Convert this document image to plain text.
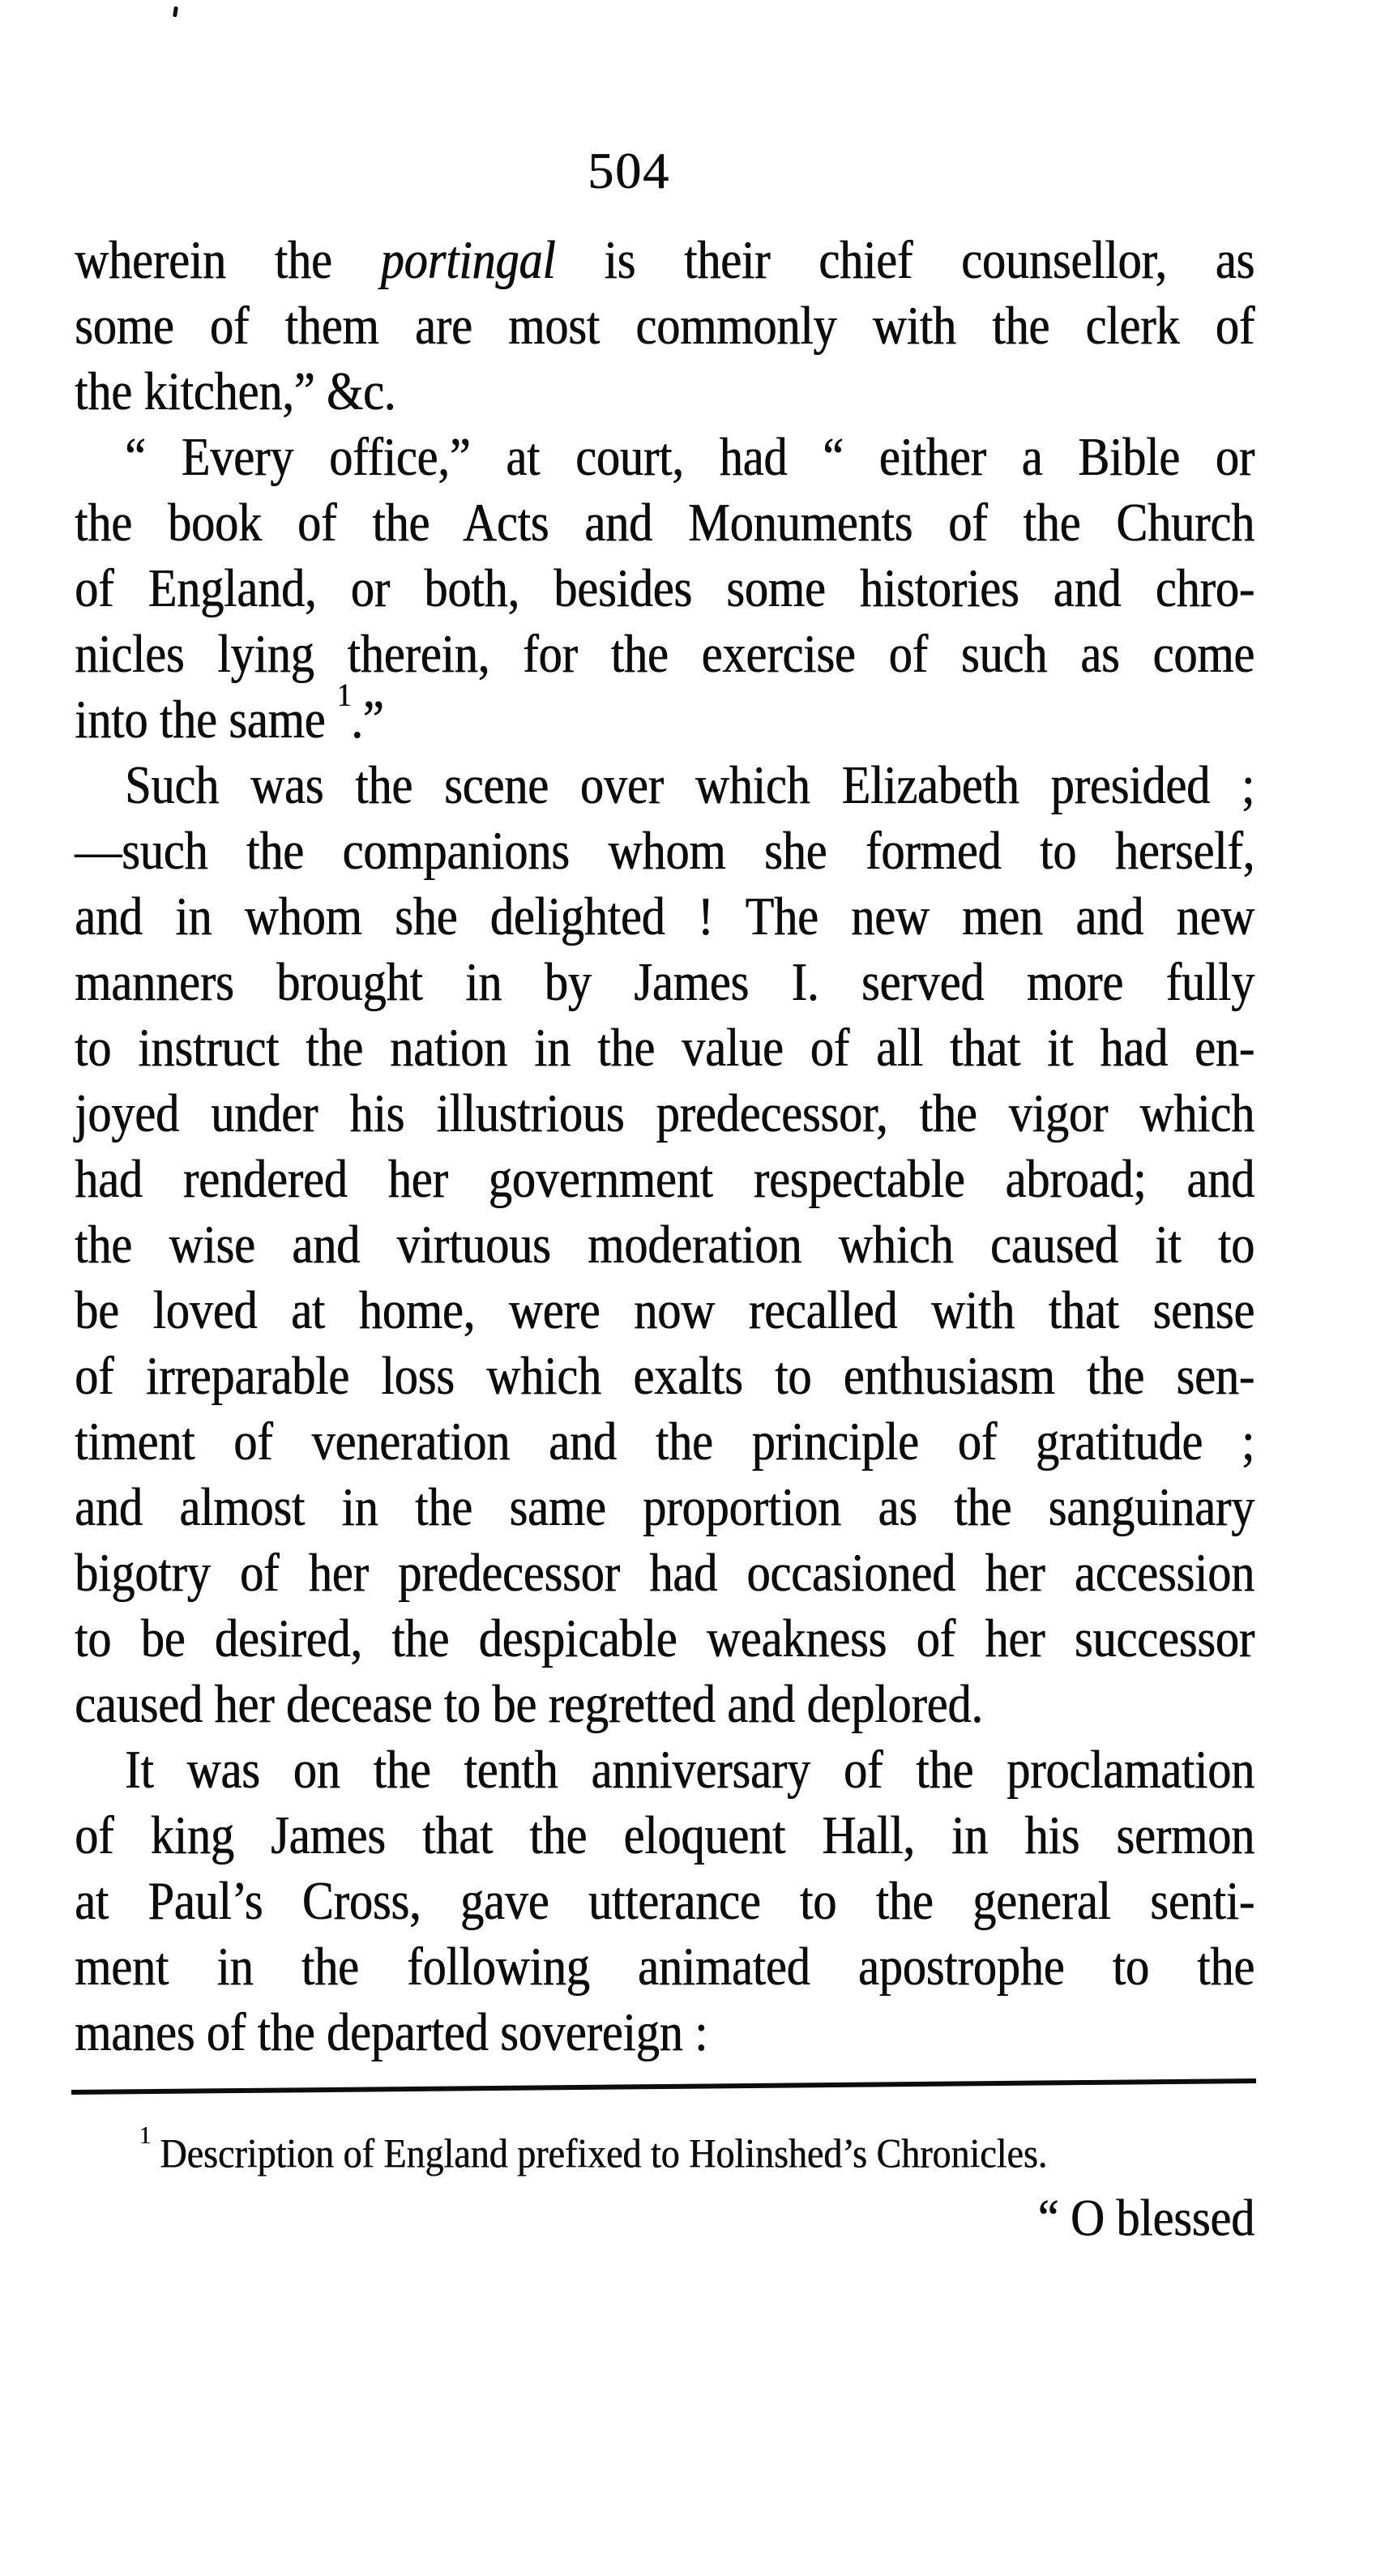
504
wherein the portingal is their chief counsellor, as
some of them are most commonly with the clerk of
the kitchen,” &c.
“ Every office,” at court, had “ either a Bible or
the book of the Acts and Monuments of the Church
of England, or both, besides some histories and chro-
nicles lying therein, for the exercise of such as come
into the same $^1$.”
Such was the scene over which Elizabeth presided ;
—such the companions whom she formed to herself,
and in whom she delighted ! The new men and new
manners brought in by James I. served more fully
to instruct the nation in the value of all that it had en-
joyed under his illustrious predecessor, the vigor which
had rendered her government respectable abroad; and
the wise and virtuous moderation which caused it to
be loved at home, were now recalled with that sense
of irreparable loss which exalts to enthusiasm the sen-
timent of veneration and the principle of gratitude ;
and almost in the same proportion as the sanguinary
bigotry of her predecessor had occasioned her accession
to be desired, the despicable weakness of her successor
caused her decease to be regretted and deplored.
It was on the tenth anniversary of the proclamation
of king James that the eloquent Hall, in his sermon
at Paul’s Cross, gave utterance to the general senti-
ment in the following animated apostrophe to the
manes of the departed sovereign :
$^1$ Description of England prefixed to Holinshed’s Chronicles.
“ O blessed
